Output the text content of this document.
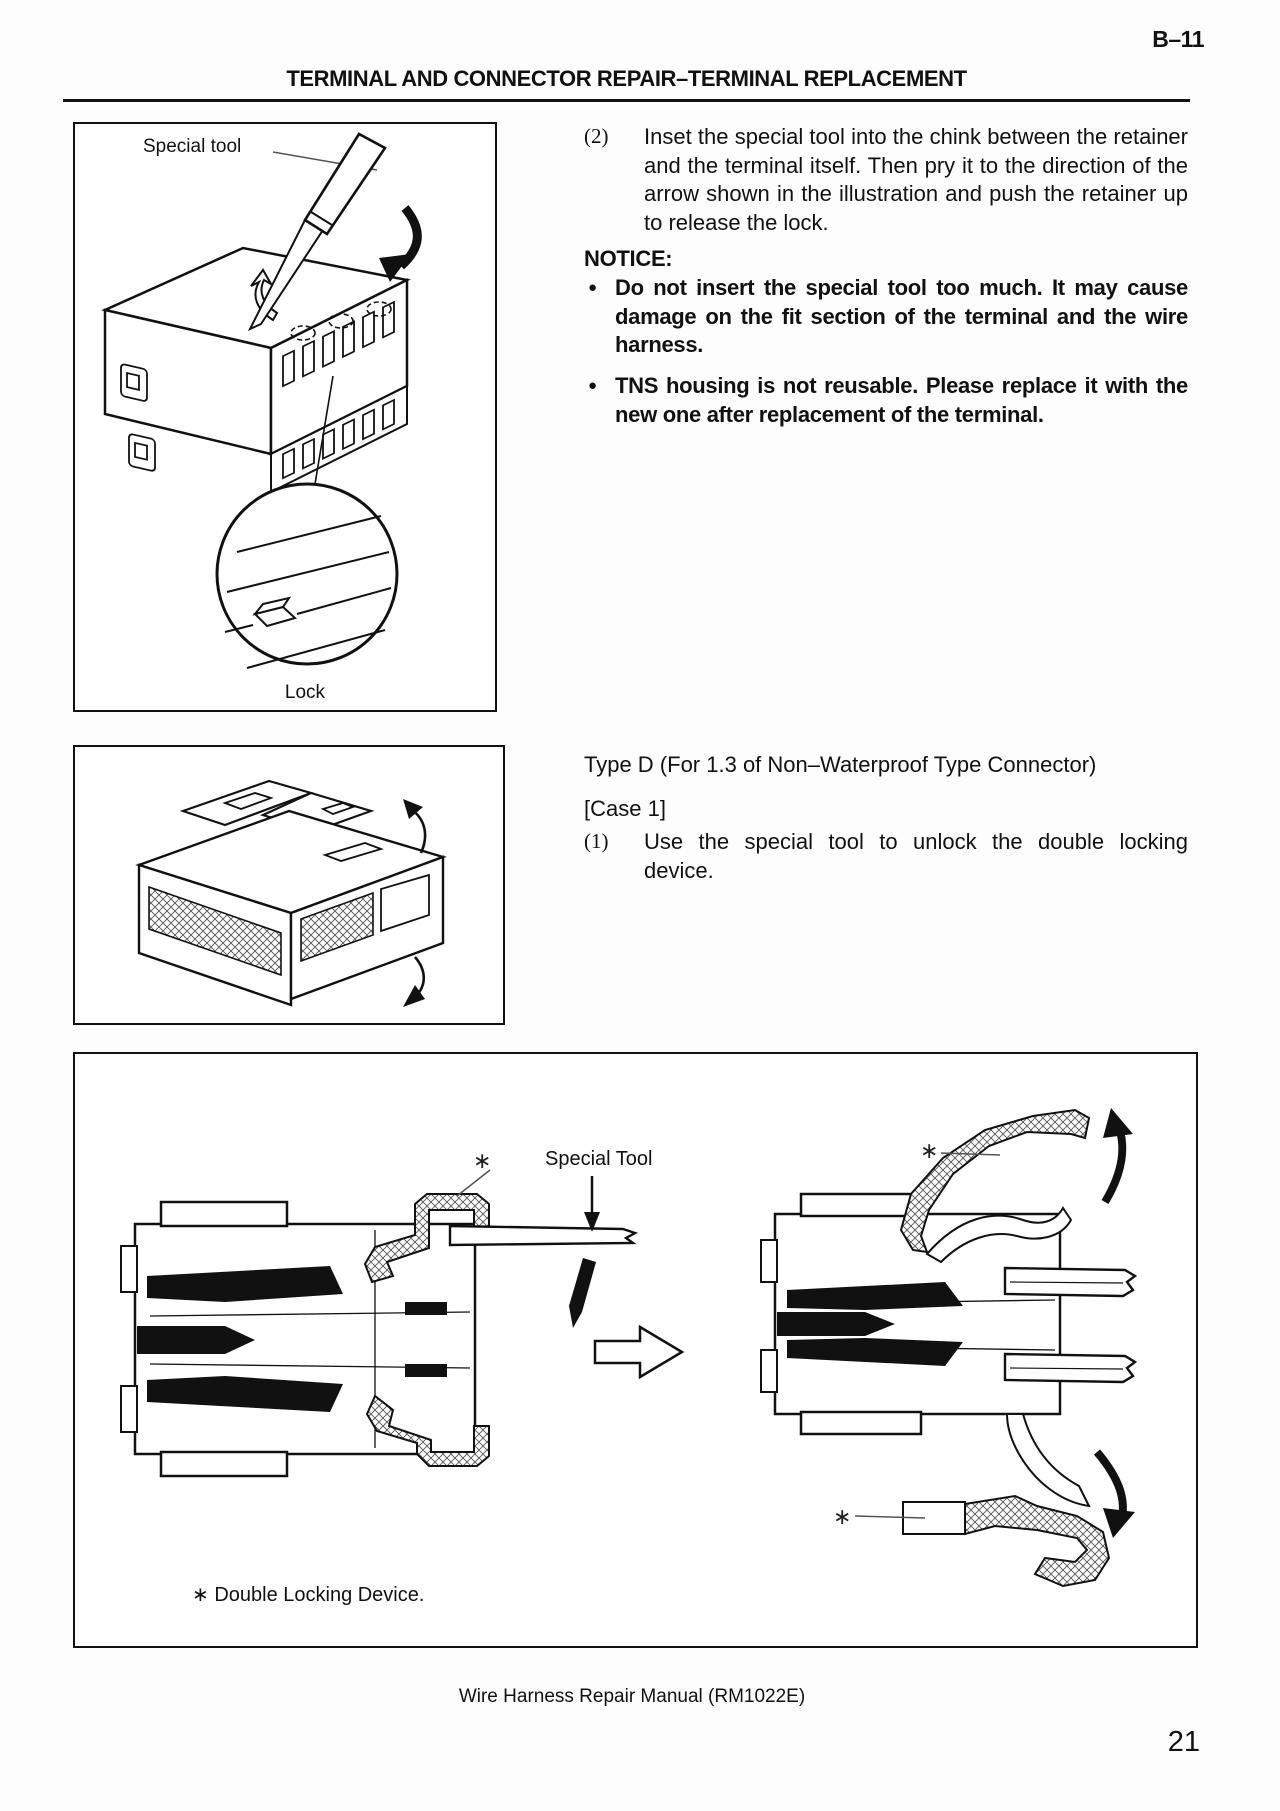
B–11
TERMINAL AND CONNECTOR REPAIR–TERMINAL REPLACEMENT
Special tool
Lock
(2) Inset the special tool into the chink between the retainer and the terminal itself. Then pry it to the direction of the arrow shown in the illustration and push the retainer up to release the lock.
NOTICE:
● Do not insert the special tool too much. It may cause damage on the fit section of the terminal and the wire harness.
● TNS housing is not reusable. Please replace it with the new one after replacement of the terminal.
Type D (For 1.3 of Non–Waterproof Type Connector)
[Case 1]
(1) Use the special tool to unlock the double locking device.
∗	Special Tool	∗
∗
∗ Double Locking Device.
Wire Harness Repair Manual (RM1022E)
21
